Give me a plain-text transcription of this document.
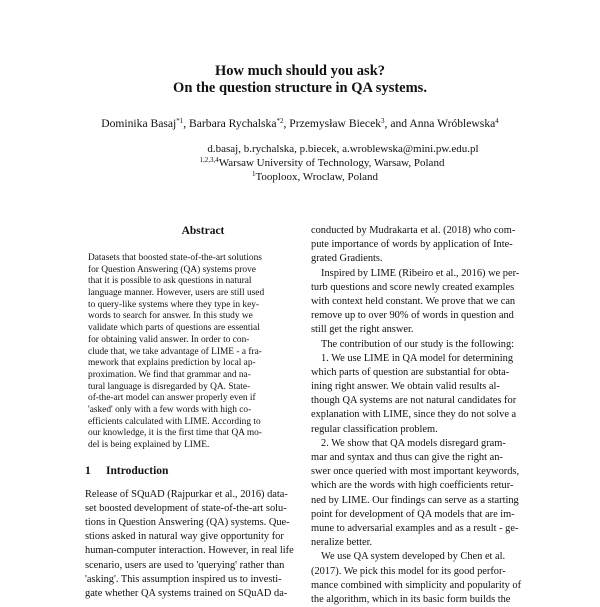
How much should you ask?
On the question structure in QA systems.
Dominika Basaj$^{*1}$, Barbara Rychalska$^{*2}$, Przemysław Biecek$^3$, and Anna Wróblewska$^4$
d.basaj, b.rychalska, p.biecek, a.wroblewska@mini.pw.edu.pl
$^{1,2,3,4}$Warsaw University of Technology, Warsaw, Poland
$^1$Tooploox, Wroclaw, Poland
Abstract
Datasets that boosted state-of-the-art solutions
for Question Answering (QA) systems prove
that it is possible to ask questions in natural
language manner. However, users are still used
to query-like systems where they type in key-
words to search for answer. In this study we
validate which parts of questions are essential
for obtaining valid answer. In order to con-
clude that, we take advantage of LIME - a fra-
mework that explains prediction by local ap-
proximation. We find that grammar and na-
tural language is disregarded by QA. State-
of-the-art model can answer properly even if
'asked' only with a few words with high co-
efficients calculated with LIME. According to
our knowledge, it is the first time that QA mo-
del is being explained by LIME.
1 Introduction
Release of SQuAD (Rajpurkar et al., 2016) data-
set boosted development of state-of-the-art solu-
tions in Question Answering (QA) systems. Que-
stions asked in natural way give opportunity for
human-computer interaction. However, in real life
scenario, users are used to 'querying' rather than
'asking'. This assumption inspired us to investi-
gate whether QA systems trained on SQuAD da-
conducted by Mudrakarta et al. (2018) who com-
pute importance of words by application of Inte-
grated Gradients.
Inspired by LIME (Ribeiro et al., 2016) we per-
turb questions and score newly created examples
with context held constant. We prove that we can
remove up to over 90% of words in question and
still get the right answer.
The contribution of our study is the following:
1. We use LIME in QA model for determining
which parts of question are substantial for obta-
ining right answer. We obtain valid results al-
though QA systems are not natural candidates for
explanation with LIME, since they do not solve a
regular classification problem.
2. We show that QA models disregard gram-
mar and syntax and thus can give the right an-
swer once queried with most important keywords,
which are the words with high coefficients retur-
ned by LIME. Our findings can serve as a starting
point for development of QA models that are im-
mune to adversarial examples and as a result - ge-
neralize better.
We use QA system developed by Chen et al.
(2017). We pick this model for its good perfor-
mance combined with simplicity and popularity of
the algorithm, which in its basic form builds the
